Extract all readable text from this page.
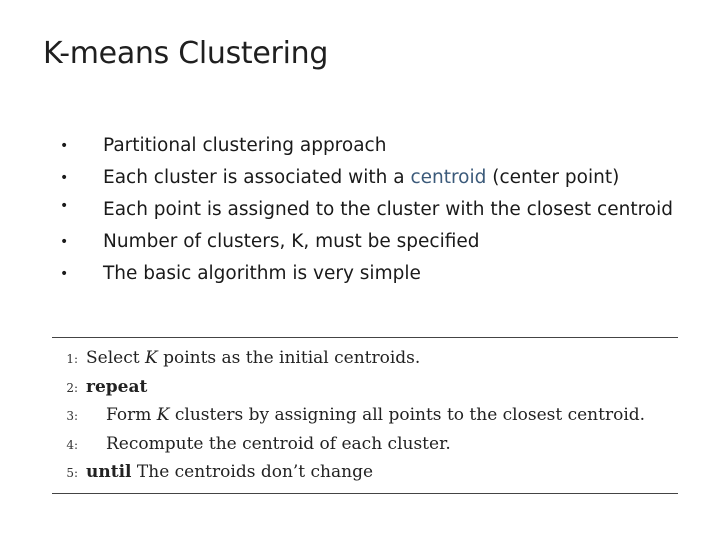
K-means Clustering
• Partitional clustering approach
• Each cluster is associated with a centroid (center point)
• Each point is assigned to the cluster with the closest centroid
• Number of clusters, K, must be specified
• The basic algorithm is very simple
1: Select K points as the initial centroids.
2: repeat
3: Form K clusters by assigning all points to the closest centroid.
4: Recompute the centroid of each cluster.
5: until The centroids don’t change
